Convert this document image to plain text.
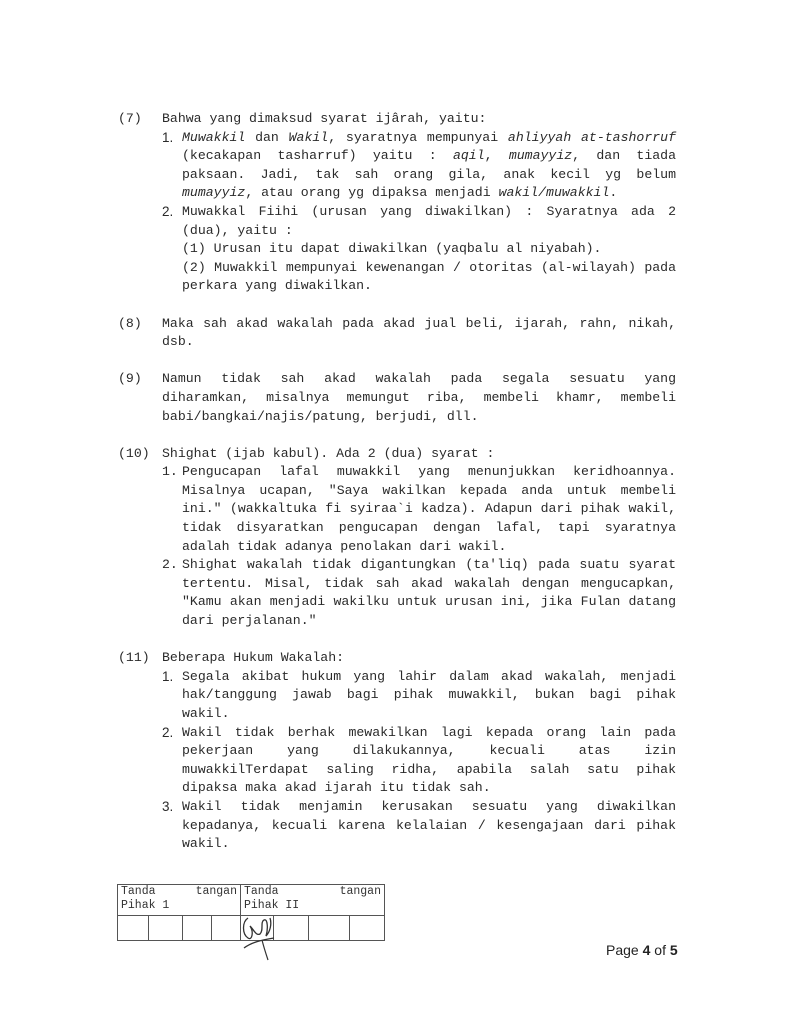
(7) Bahwa yang dimaksud syarat ijârah, yaitu:
1. Muwakkil dan Wakil, syaratnya mempunyai ahliyyah at-tashorruf (kecakapan tasharruf) yaitu : aqil, mumayyiz, dan tiada paksaan. Jadi, tak sah orang gila, anak kecil yg belum mumayyiz, atau orang yg dipaksa menjadi wakil/muwakkil.
2. Muwakkal Fiihi (urusan yang diwakilkan) : Syaratnya ada 2 (dua), yaitu :
(1) Urusan itu dapat diwakilkan (yaqbalu al niyabah).
(2) Muwakkil mempunyai kewenangan / otoritas (al-wilayah) pada perkara yang diwakilkan.
(8) Maka sah akad wakalah pada akad jual beli, ijarah, rahn, nikah, dsb.
(9) Namun tidak sah akad wakalah pada segala sesuatu yang diharamkan, misalnya memungut riba, membeli khamr, membeli babi/bangkai/najis/patung, berjudi, dll.
(10) Shighat (ijab kabul). Ada 2 (dua) syarat :
1. Pengucapan lafal muwakkil yang menunjukkan keridhoannya. Misalnya ucapan, "Saya wakilkan kepada anda untuk membeli ini." (wakkaltuka fi syiraa`i kadza). Adapun dari pihak wakil, tidak disyaratkan pengucapan dengan lafal, tapi syaratnya adalah tidak adanya penolakan dari wakil.
2. Shighat wakalah tidak digantungkan (ta'liq) pada suatu syarat tertentu. Misal, tidak sah akad wakalah dengan mengucapkan, "Kamu akan menjadi wakilku untuk urusan ini, jika Fulan datang dari perjalanan."
(11) Beberapa Hukum Wakalah:
1. Segala akibat hukum yang lahir dalam akad wakalah, menjadi hak/tanggung jawab bagi pihak muwakkil, bukan bagi pihak wakil.
2. Wakil tidak berhak mewakilkan lagi kepada orang lain pada pekerjaan yang dilakukannya, kecuali atas izin muwakkilTerdapat saling ridha, apabila salah satu pihak dipaksa maka akad ijarah itu tidak sah.
3. Wakil tidak menjamin kerusakan sesuatu yang diwakilkan kepadanya, kecuali karena kelalaian / kesengajaan dari pihak wakil.
Tanda tangan
Pihak 1				Tanda tangan
Pihak II			

Page 4 of 5
